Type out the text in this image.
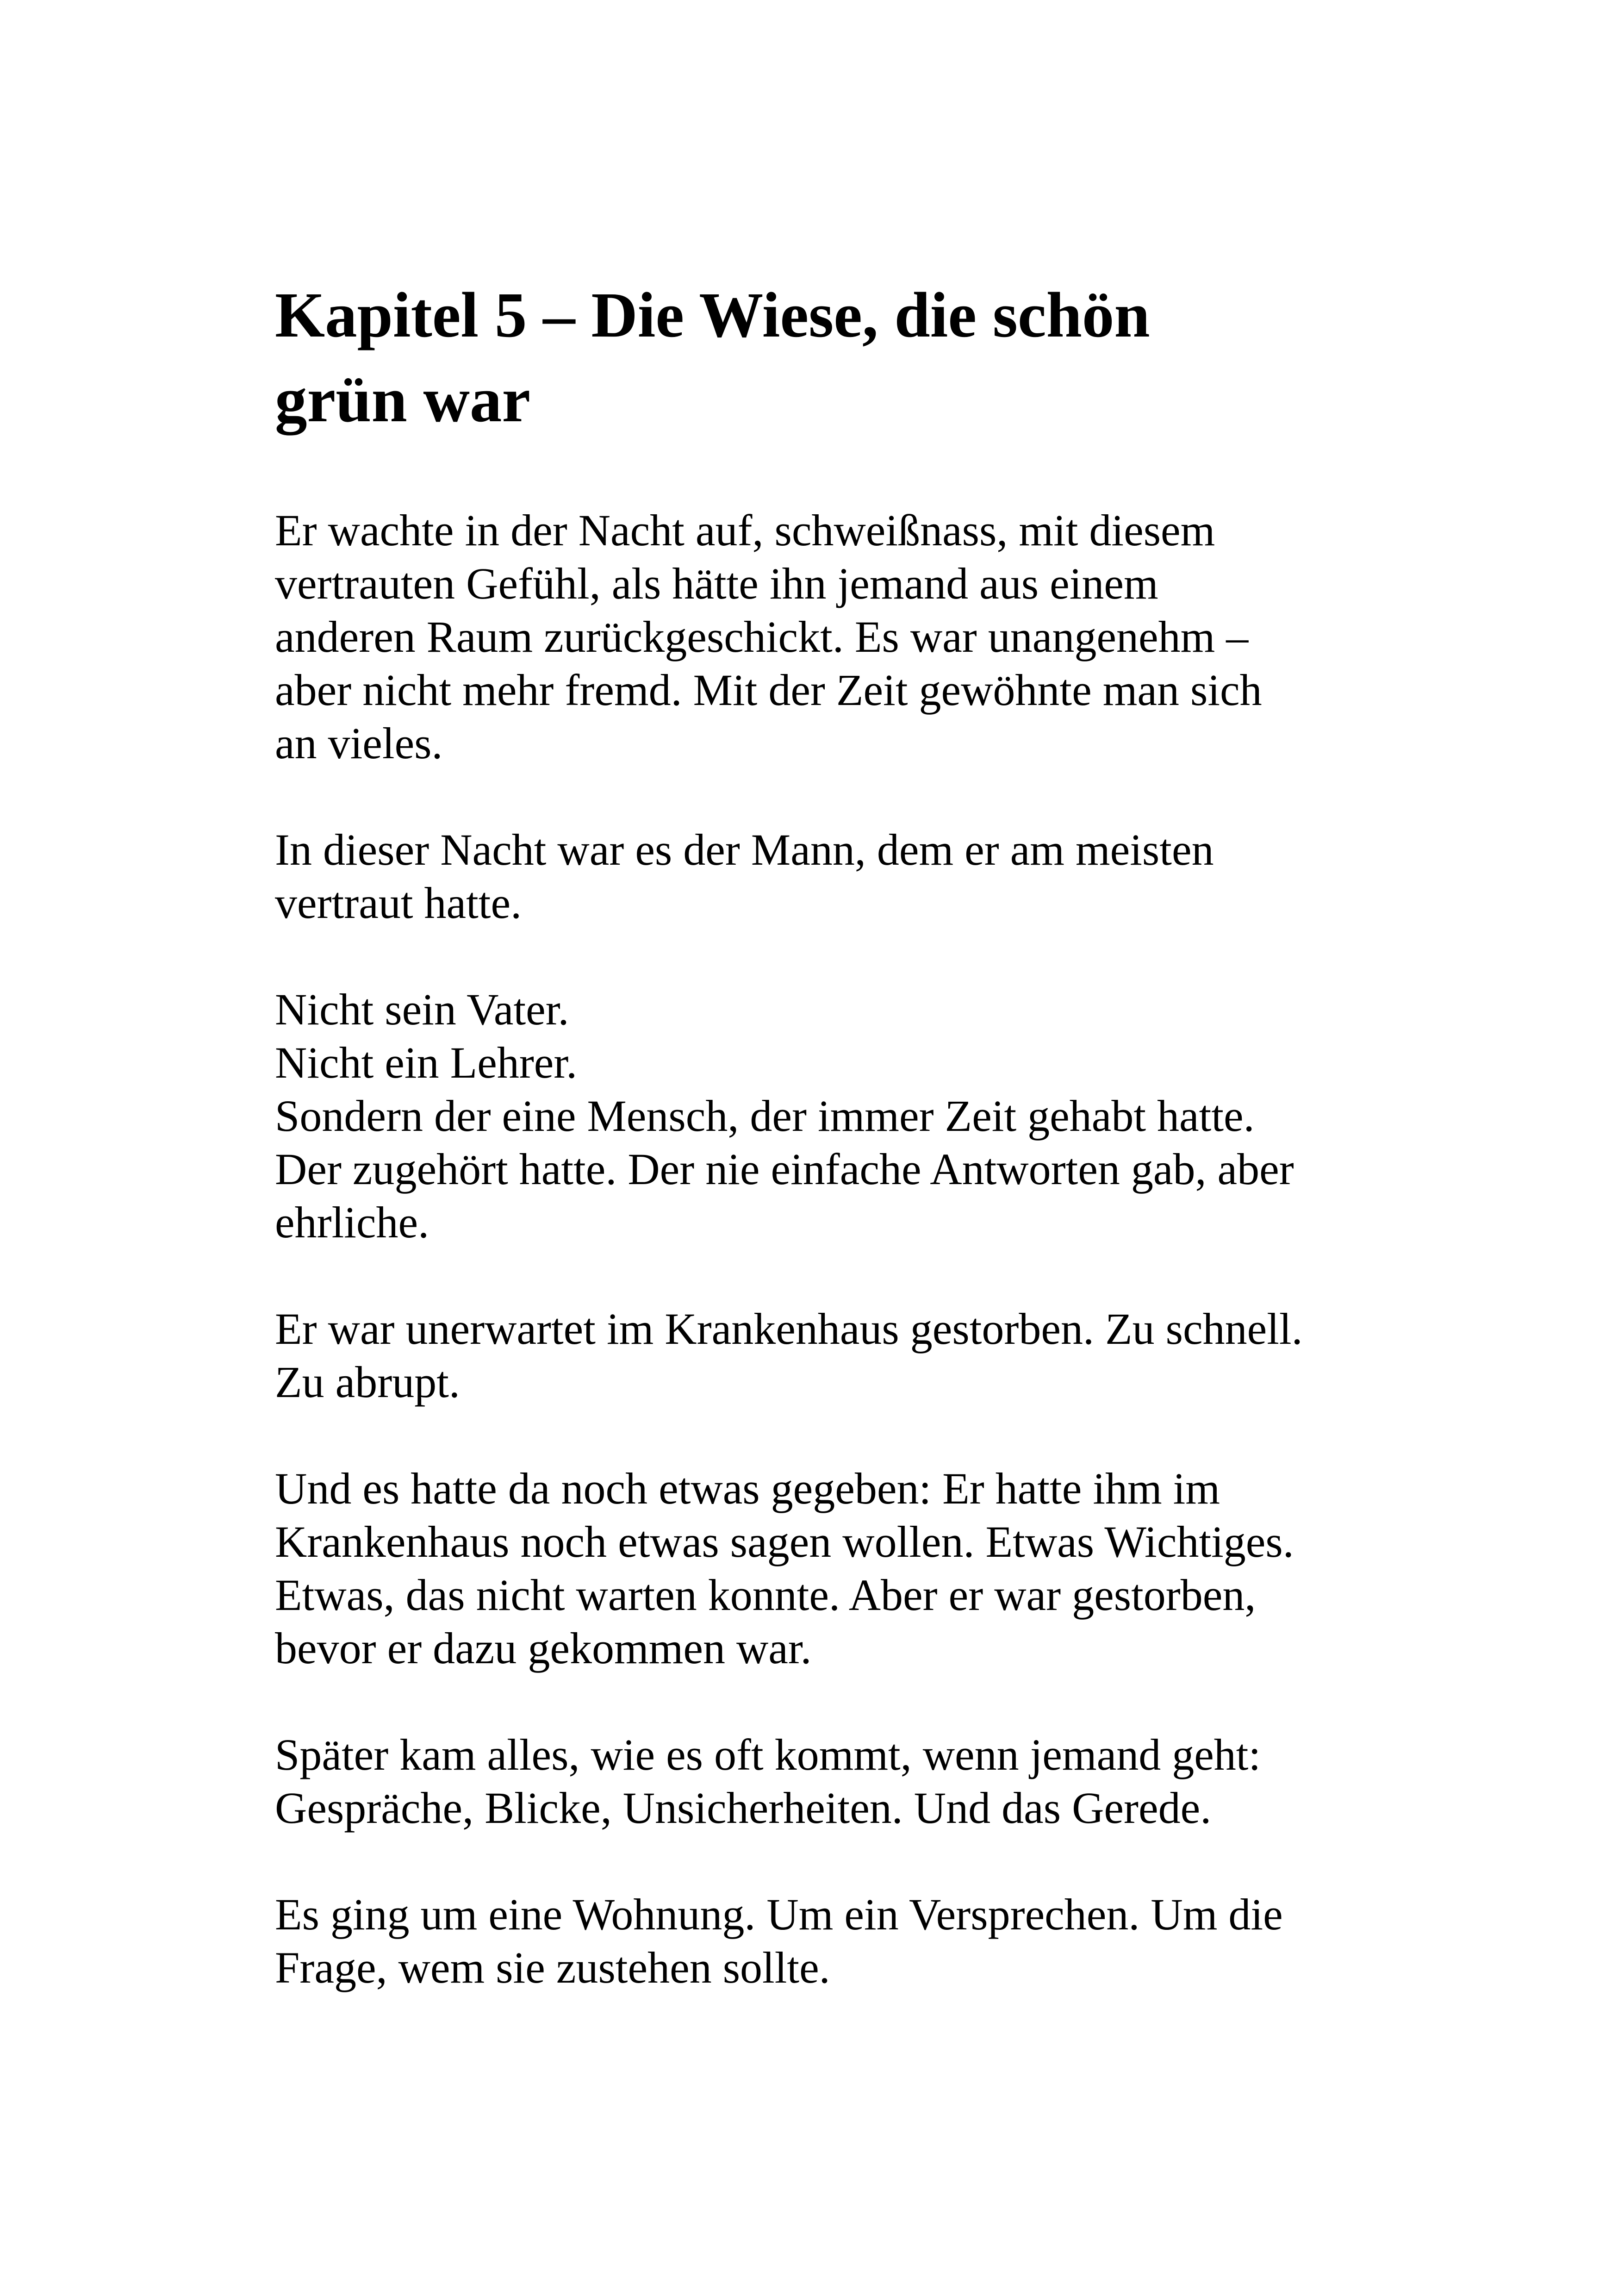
Kapitel 5 – Die Wiese, die schön
grün war

Er wachte in der Nacht auf, schweißnass, mit diesem
vertrauten Gefühl, als hätte ihn jemand aus einem
anderen Raum zurückgeschickt. Es war unangenehm –
aber nicht mehr fremd. Mit der Zeit gewöhnte man sich
an vieles.

In dieser Nacht war es der Mann, dem er am meisten
vertraut hatte.

Nicht sein Vater.
Nicht ein Lehrer.
Sondern der eine Mensch, der immer Zeit gehabt hatte.
Der zugehört hatte. Der nie einfache Antworten gab, aber
ehrliche.

Er war unerwartet im Krankenhaus gestorben. Zu schnell.
Zu abrupt.

Und es hatte da noch etwas gegeben: Er hatte ihm im
Krankenhaus noch etwas sagen wollen. Etwas Wichtiges.
Etwas, das nicht warten konnte. Aber er war gestorben,
bevor er dazu gekommen war.

Später kam alles, wie es oft kommt, wenn jemand geht:
Gespräche, Blicke, Unsicherheiten. Und das Gerede.

Es ging um eine Wohnung. Um ein Versprechen. Um die
Frage, wem sie zustehen sollte.
